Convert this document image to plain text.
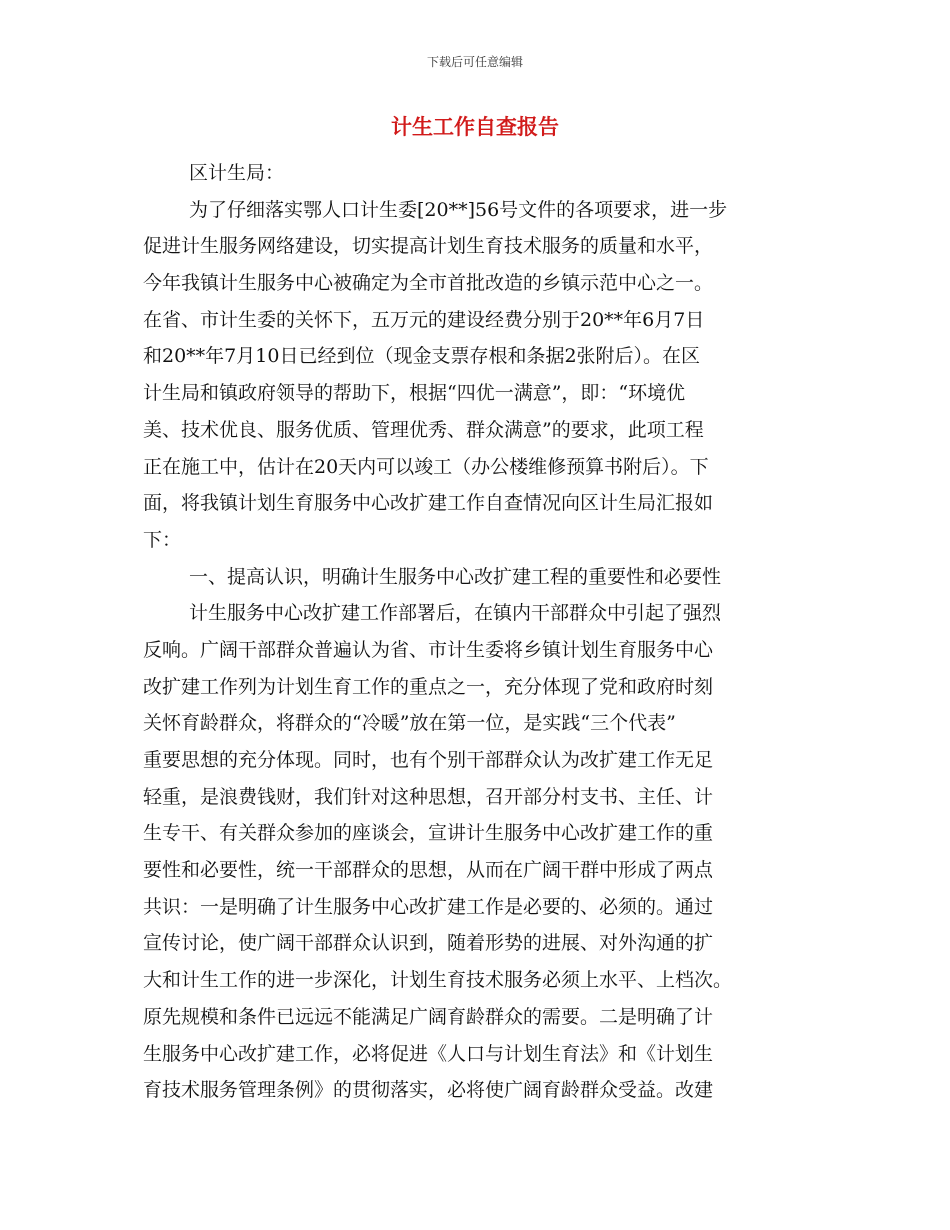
下载后可任意编辑
计生工作自查报告
区计生局：
为了仔细落实鄂人口计生委[20**]56号文件的各项要求，进一步
促进计生服务网络建设，切实提高计划生育技术服务的质量和水平，
今年我镇计生服务中心被确定为全市首批改造的乡镇示范中心之一。
在省、市计生委的关怀下，五万元的建设经费分别于20**年6月7日
和20**年7月10日已经到位（现金支票存根和条据2张附后）。在区
计生局和镇政府领导的帮助下，根据“四优一满意”，即：“环境优
美、技术优良、服务优质、管理优秀、群众满意”的要求，此项工程
正在施工中，估计在20天内可以竣工（办公楼维修预算书附后）。下
面，将我镇计划生育服务中心改扩建工作自查情况向区计生局汇报如
下：
一、提高认识，明确计生服务中心改扩建工程的重要性和必要性
计生服务中心改扩建工作部署后，在镇内干部群众中引起了强烈
反响。广阔干部群众普遍认为省、市计生委将乡镇计划生育服务中心
改扩建工作列为计划生育工作的重点之一，充分体现了党和政府时刻
关怀育龄群众，将群众的“冷暖”放在第一位，是实践“三个代表”
重要思想的充分体现。同时，也有个别干部群众认为改扩建工作无足
轻重，是浪费钱财，我们针对这种思想，召开部分村支书、主任、计
生专干、有关群众参加的座谈会，宣讲计生服务中心改扩建工作的重
要性和必要性，统一干部群众的思想，从而在广阔干群中形成了两点
共识：一是明确了计生服务中心改扩建工作是必要的、必须的。通过
宣传讨论，使广阔干部群众认识到，随着形势的进展、对外沟通的扩
大和计生工作的进一步深化，计划生育技术服务必须上水平、上档次。
原先规模和条件已远远不能满足广阔育龄群众的需要。二是明确了计
生服务中心改扩建工作，必将促进《人口与计划生育法》和《计划生
育技术服务管理条例》的贯彻落实，必将使广阔育龄群众受益。改建
